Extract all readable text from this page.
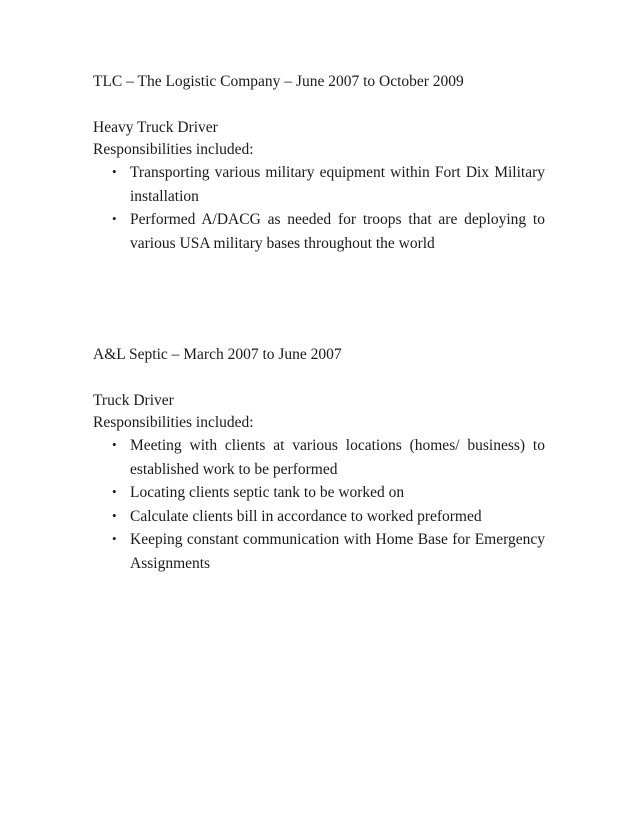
TLC – The Logistic Company – June 2007 to October 2009
Heavy Truck Driver
Responsibilities included:
• Transporting various military equipment within Fort Dix Military installation
• Performed A/DACG as needed for troops that are deploying to various USA military bases throughout the world
A&L Septic – March 2007 to June 2007
Truck Driver
Responsibilities included:
• Meeting with clients at various locations (homes/ business) to established work to be performed
• Locating clients septic tank to be worked on
• Calculate clients bill in accordance to worked preformed
• Keeping constant communication with Home Base for Emergency Assignments
